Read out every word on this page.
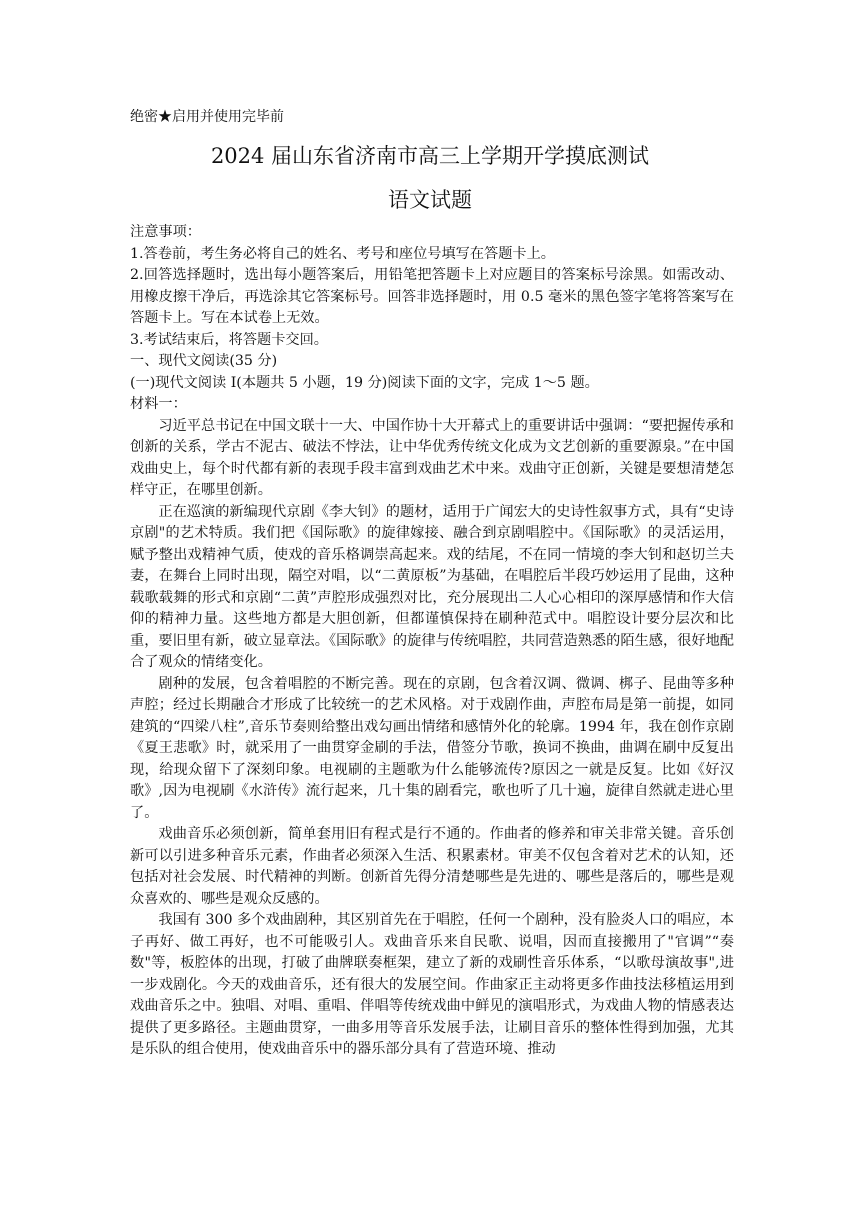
绝密★启用并使用完毕前
2024 届山东省济南市高三上学期开学摸底测试
语文试题
注意事项：

1.答卷前，考生务必将自己的姓名、考号和座位号填写在答题卡上。

2.回答选择题时，选出每小题答案后，用铅笔把答题卡上对应题目的答案标号涂黑。如需改动、用橡皮擦干净后，再选涂其它答案标号。回答非选择题时，用 0.5 毫米的黑色签字笔将答案写在答题卡上。写在本试卷上无效。

3.考试结束后，将答题卡交回。

一、现代文阅读(35 分)
(一)现代文阅读 I(本题共 5 小题，19 分)阅读下面的文字，完成 1～5 题。
材料一：

习近平总书记在中国文联十一大、中国作协十大开幕式上的重要讲话中强调：“要把握传承和创新的关系，学古不泥古、破法不悖法，让中华优秀传统文化成为文艺创新的重要源泉。”在中国戏曲史上，每个时代都有新的表现手段丰富到戏曲艺术中来。戏曲守正创新，关键是要想清楚怎样守正，在哪里创新。

正在巡演的新编现代京剧《李大钊》的题材，适用于广闻宏大的史诗性叙事方式，具有“史诗京剧"的艺术特质。我们把《国际歌》的旋律嫁接、融合到京剧唱腔中。《国际歌》的灵活运用，赋予整出戏精神气质，使戏的音乐格调崇高起来。戏的结尾，不在同一情境的李大钊和赵切兰夫妻，在舞台上同时出现，隔空对唱，以“二黄原板”为基础，在唱腔后半段巧妙运用了昆曲，这种载歌载舞的形式和京剧“二黄”声腔形成强烈对比，充分展现出二人心心相印的深厚感情和作大信仰的精神力量。这些地方都是大胆创新，但都谨慎保持在刷种范式中。唱腔设计要分层次和比重，要旧里有新，破立显章法。《国际歌》的旋律与传统唱腔，共同营造熟悉的陌生感，很好地配合了观众的情绪变化。

剧种的发展，包含着唱腔的不断完善。现在的京剧，包含着汉调、微调、梆子、昆曲等多种声腔；经过长期融合才形成了比较统一的艺术风格。对于戏剧作曲，声腔布局是第一前提，如同建筑的“四梁八柱”,音乐节奏则给整出戏勾画出情绪和感情外化的轮廓。1994 年，我在创作京剧《夏王悲歌》时，就采用了一曲贯穿金刷的手法，借签分节歌，换词不换曲，曲调在刷中反复出现，给现众留下了深刻印象。电视刷的主题歌为什么能够流传?原因之一就是反复。比如《好汉歌》,因为电视刷《水浒传》流行起来，几十集的剧看完，歌也听了几十遍，旋律自然就走进心里了。

戏曲音乐必须创新，简单套用旧有程式是行不通的。作曲者的修养和审关非常关键。音乐创新可以引进多种音乐元素，作曲者必须深入生活、积累素材。审美不仅包含着对艺术的认知，还包括对社会发展、时代精神的判断。创新首先得分清楚哪些是先进的、哪些是落后的，哪些是观众喜欢的、哪些是观众反感的。

我国有 300 多个戏曲剧种，其区别首先在于唱腔，任何一个剧种，没有脸炎人口的唱应，本子再好、做工再好，也不可能吸引人。戏曲音乐来自民歌、说唱，因而直接搬用了"官调”“奏数"等，板腔体的出现，打破了曲牌联奏框架，建立了新的戏刷性音乐体系，“以歌母演故事",进一步戏剧化。今天的戏曲音乐，还有很大的发展空间。作曲家正主动将更多作曲技法移植运用到戏曲音乐之中。独唱、对唱、重唱、伴唱等传统戏曲中鲜见的演唱形式，为戏曲人物的情感表达提供了更多路径。主题曲贯穿，一曲多用等音乐发展手法，让刷目音乐的整体性得到加强，尤其是乐队的组合使用，使戏曲音乐中的器乐部分具有了营造环境、推动
